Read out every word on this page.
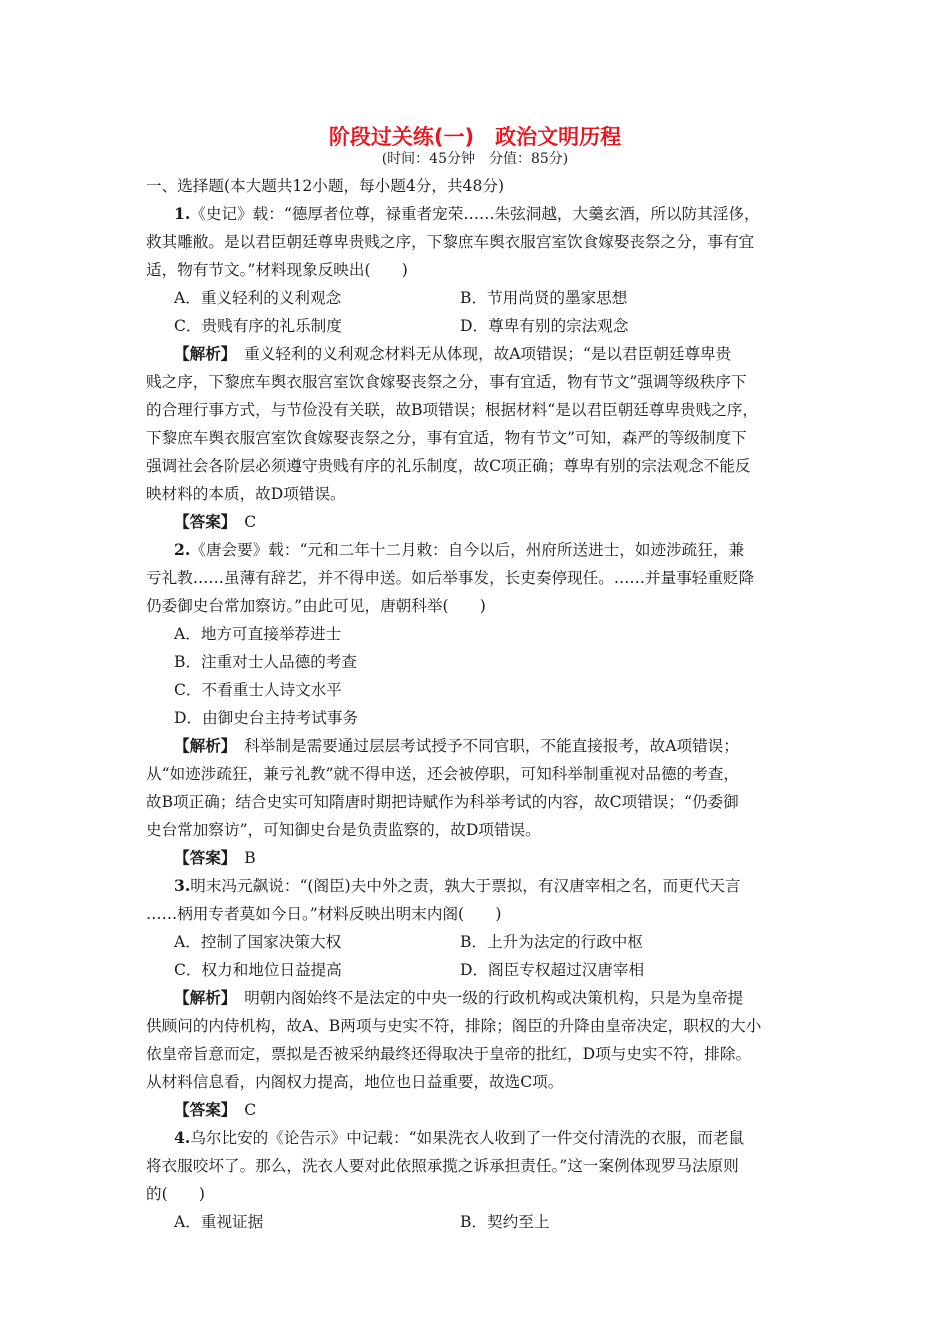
阶段过关练(一)　政治文明历程
(时间：45分钟　分值：85分)
一、选择题(本大题共12小题，每小题4分，共48分)
1.《史记》载：“德厚者位尊，禄重者宠荣……朱弦洞越，大羹玄酒，所以防其淫侈，
救其雕敝。是以君臣朝廷尊卑贵贱之序，下黎庶车舆衣服宫室饮食嫁娶丧祭之分，事有宜
适，物有节文。”材料现象反映出(　　)
A．重义轻利的义利观念	B．节用尚贤的墨家思想
C．贵贱有序的礼乐制度	D．尊卑有别的宗法观念
【解析】　 重义轻利的义利观念材料无从体现，故A项错误；“是以君臣朝廷尊卑贵
贱之序，下黎庶车舆衣服宫室饮食嫁娶丧祭之分，事有宜适，物有节文”强调等级秩序下
的合理行事方式，与节俭没有关联，故B项错误；根据材料“是以君臣朝廷尊卑贵贱之序，
下黎庶车舆衣服宫室饮食嫁娶丧祭之分，事有宜适，物有节文”可知，森严的等级制度下
强调社会各阶层必须遵守贵贱有序的礼乐制度，故C项正确；尊卑有别的宗法观念不能反
映材料的本质，故D项错误。
【答案】　 C
2.《唐会要》载：“元和二年十二月敕：自今以后，州府所送进士，如迹涉疏狂，兼
亏礼教……虽薄有辞艺，并不得申送。如后举事发，长吏奏停现任。……并量事轻重贬降
仍委御史台常加察访。”由此可见，唐朝科举(　　)
A．地方可直接举荐进士
B．注重对士人品德的考查
C．不看重士人诗文水平
D．由御史台主持考试事务
【解析】　 科举制是需要通过层层考试授予不同官职，不能直接报考，故A项错误；
从“如迹涉疏狂，兼亏礼教”就不得申送，还会被停职，可知科举制重视对品德的考查，
故B项正确；结合史实可知隋唐时期把诗赋作为科举考试的内容，故C项错误；“仍委御
史台常加察访”，可知御史台是负责监察的，故D项错误。
【答案】　 B
3.明末冯元飙说：“(阁臣)夫中外之责，孰大于票拟，有汉唐宰相之名，而更代天言
……柄用专者莫如今日。”材料反映出明末内阁(　　)
A．控制了国家决策大权	B．上升为法定的行政中枢
C．权力和地位日益提高	D．阁臣专权超过汉唐宰相
【解析】　 明朝内阁始终不是法定的中央一级的行政机构或决策机构，只是为皇帝提
供顾问的内侍机构，故A、B两项与史实不符，排除；阁臣的升降由皇帝决定，职权的大小
依皇帝旨意而定，票拟是否被采纳最终还得取决于皇帝的批红，D项与史实不符，排除。
从材料信息看，内阁权力提高，地位也日益重要，故选C项。
【答案】　 C
4.乌尔比安的《论告示》中记载：“如果洗衣人收到了一件交付清洗的衣服，而老鼠
将衣服咬坏了。那么，洗衣人要对此依照承揽之诉承担责任。”这一案例体现罗马法原则
的(　　)
A．重视证据	B．契约至上
